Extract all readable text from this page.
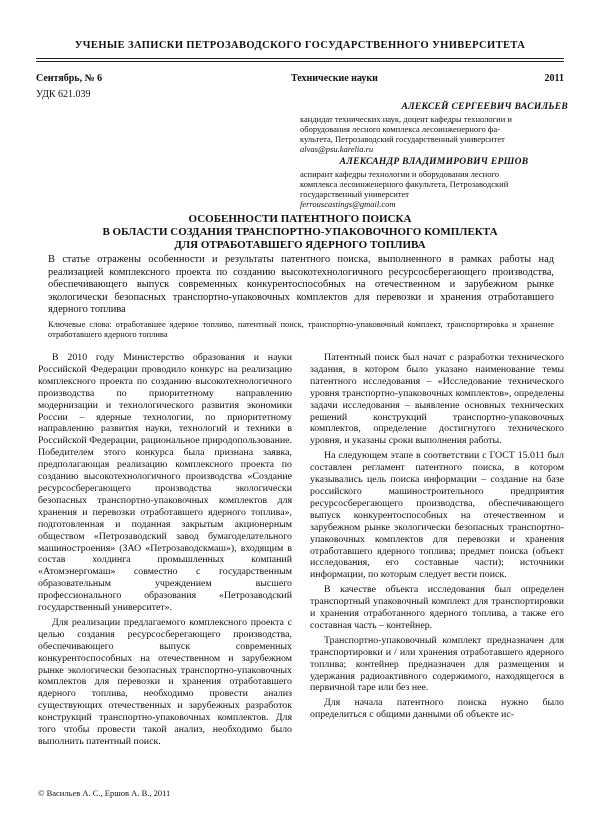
УЧЕНЫЕ ЗАПИСКИ ПЕТРОЗАВОДСКОГО ГОСУДАРСТВЕННОГО УНИВЕРСИТЕТА
Сентябрь, № 6	Технические науки	2011
УДК 621.039
АЛЕКСЕЙ СЕРГЕЕВИЧ ВАСИЛЬЕВ
кандидат технических наук, доцент кафедры технологии и
оборудования лесного комплекса лесоинженерного фа-
культета, Петрозаводский государственный университет
alvas@psu.karelia.ru
АЛЕКСАНДР ВЛАДИМИРОВИЧ ЕРШОВ
аспирант кафедры технологии и оборудования лесного
комплекса лесоинженерного факультета, Петрозаводский
государственный университет
ferrouscastings@gmail.com
ОСОБЕННОСТИ ПАТЕНТНОГО ПОИСКА
В ОБЛАСТИ СОЗДАНИЯ ТРАНСПОРТНО-УПАКОВОЧНОГО КОМПЛЕКТА
ДЛЯ ОТРАБОТАВШЕГО ЯДЕРНОГО ТОПЛИВА
В статье отражены особенности и результаты патентного поиска, выполненного в рамках работы над реализацией комплексного проекта по созданию высокотехнологичного ресурсосберегающего производства, обеспечивающего выпуск современных конкурентоспособных на отечественном и зарубежном рынке экологически безопасных транспортно-упаковочных комплектов для перевозки и хранения отработавшего ядерного топлива
Ключевые слова: отработавшее ядерное топливо, патентный поиск, транспортно-упаковочный комплект, транспортировка и хранение отработавшего ядерного топлива

В 2010 году Министерство образования и науки Российской Федерации проводило конкурс на реализацию комплексного проекта по созданию высокотехнологичного производства по приоритетному направлению модернизации и технологического развития экономики России – ядерные технологии, по приоритетному направлению развития науки, технологий и техники в Российской Федерации, рациональное природопользование. Победителем этого конкурса была признана заявка, предполагающая реализацию комплексного проекта по созданию высокотехнологичного производства «Создание ресурсосберегающего производства экологически безопасных транспортно-упаковочных комплектов для хранения и перевозки отработавшего ядерного топлива», подготовленная и поданная закрытым акционерным обществом «Петрозаводский завод бумагоделательного машиностроения» (ЗАО «Петрозаводскмаш»), входящим в состав холдинга промышленных компаний «Атомэнергомаш» совместно с государственным образовательным учреждением высшего профессионального образования «Петрозаводский государственный университет».

Для реализации предлагаемого комплексного проекта с целью создания ресурсосберегающего производства, обеспечивающего выпуск современных конкурентоспособных на отечественном и зарубежном рынке экологически безопасных транспортно-упаковочных комплектов для перевозки и хранения отработавшего ядерного топлива, необходимо провести анализ существующих отечественных и зарубежных разработок конструкций транспортно-упаковочных комплектов. Для того чтобы провести такой анализ, необходимо было выполнить патентный поиск.

Патентный поиск был начат с разработки технического задания, в котором было указано наименование темы патентного исследования – «Исследование технического уровня транспортно-упаковочных комплектов», определены задачи исследования – выявление основных технических решений конструкций транспортно-упаковочных комплектов, определение достигнутого технического уровня, и указаны сроки выполнения работы.

На следующем этапе в соответствии с ГОСТ 15.011 был составлен регламент патентного поиска, в котором указывались цель поиска информации – создание на базе российского машиностроительного предприятия ресурсосберегающего производства, обеспечивающего выпуск конкурентоспособных на отечественном и зарубежном рынке экологически безопасных транспортно-упаковочных комплектов для перевозки и хранения отработавшего ядерного топлива; предмет поиска (объект исследования, его составные части); источники информации, по которым следует вести поиск.

В качестве объекта исследования был определен транспортный упаковочный комплект для транспортировки и хранения отработанного ядерного топлива, а также его составная часть – контейнер.

Транспортно-упаковочный комплект предназначен для транспортировки и / или хранения отработавшего ядерного топлива; контейнер предназначен для размещения и удержания радиоактивного содержимого, находящегося в первичной таре или без нее.

Для начала патентного поиска нужно было определиться с общими данными об объекте ис-

© Васильев А. С., Ершов А. В., 2011
